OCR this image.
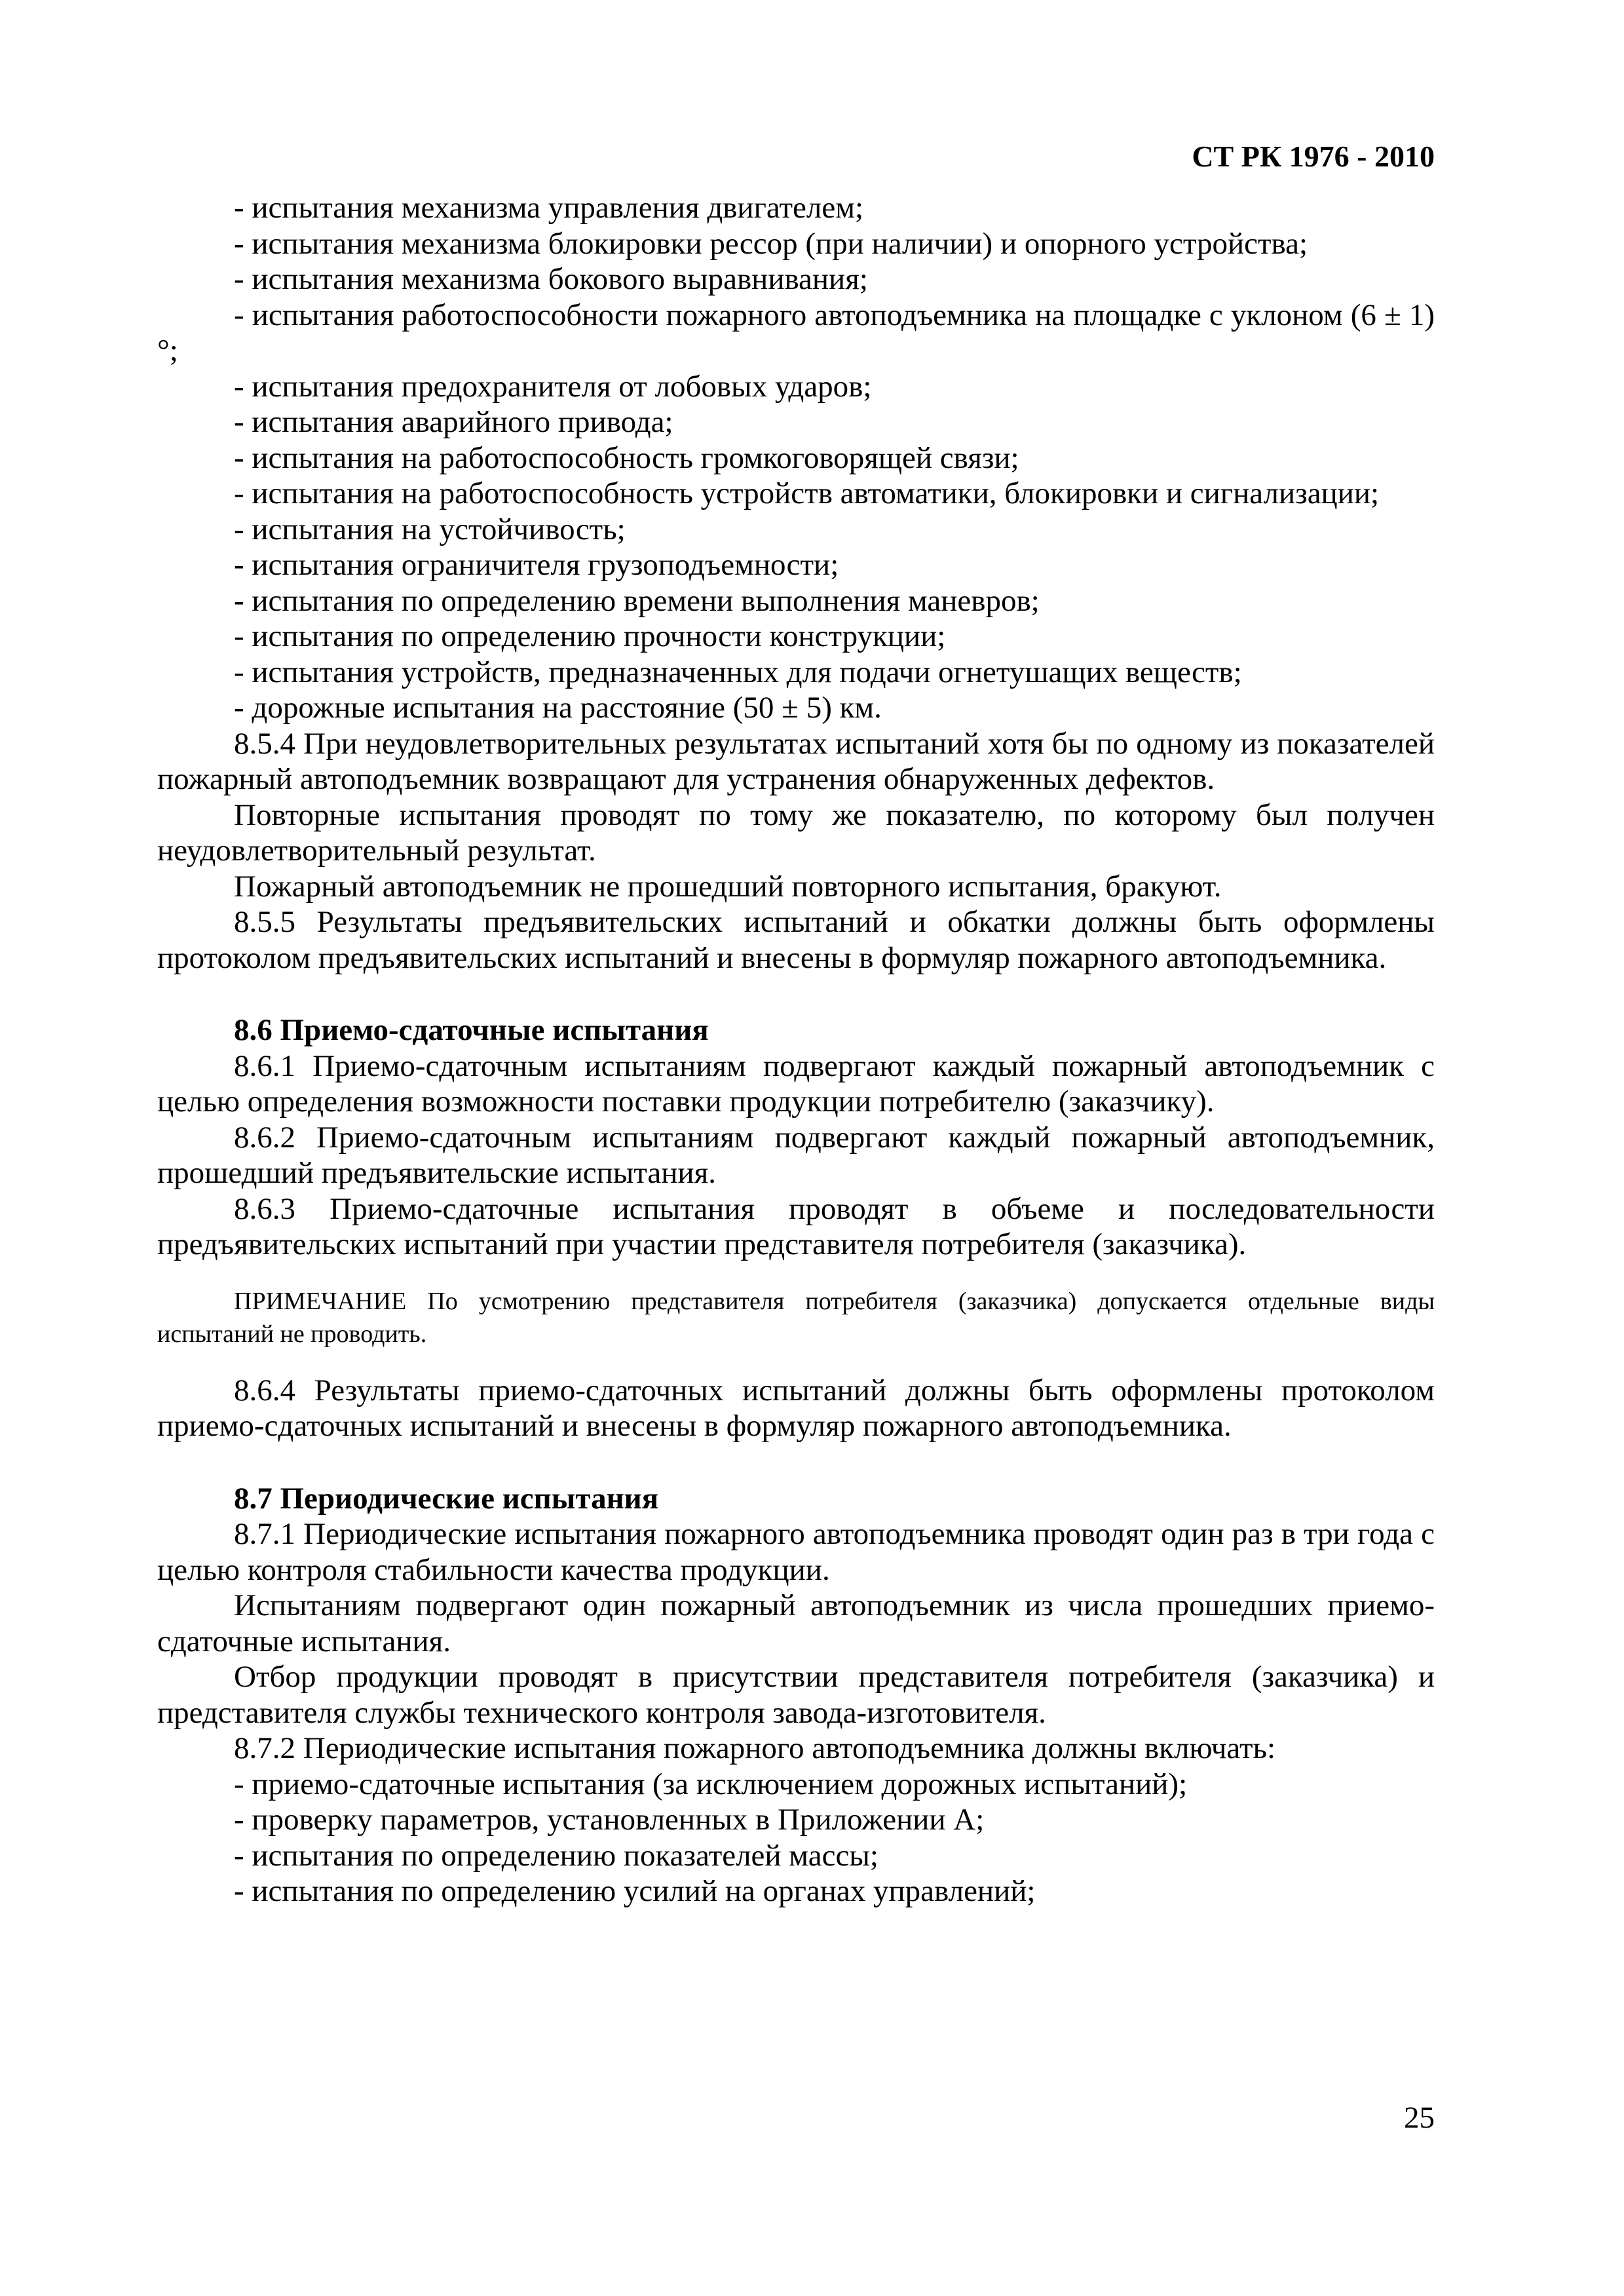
СТ РК 1976 - 2010

- испытания механизма управления двигателем;

- испытания механизма блокировки рессор (при наличии) и опорного устройства;

- испытания механизма бокового выравнивания;

- испытания работоспособности пожарного автоподъемника на площадке с уклоном (6 ± 1) °;

- испытания предохранителя от лобовых ударов;

- испытания аварийного привода;

- испытания на работоспособность громкоговорящей связи;

- испытания на работоспособность устройств автоматики, блокировки и сигнализации;

- испытания на устойчивость;

- испытания ограничителя грузоподъемности;

- испытания по определению времени выполнения маневров;

- испытания по определению прочности конструкции;

- испытания устройств, предназначенных для подачи огнетушащих веществ;

- дорожные испытания на расстояние (50 ± 5) км.

8.5.4 При неудовлетворительных результатах испытаний хотя бы по одному из показателей пожарный автоподъемник возвращают для устранения обнаруженных дефектов.

Повторные испытания проводят по тому же показателю, по которому был получен неудовлетворительный результат.

Пожарный автоподъемник не прошедший повторного испытания, бракуют.

8.5.5 Результаты предъявительских испытаний и обкатки должны быть оформлены протоколом предъявительских испытаний и внесены в формуляр пожарного автоподъемника.

8.6 Приемо-сдаточные испытания

8.6.1 Приемо-сдаточным испытаниям подвергают каждый пожарный автоподъемник с целью определения возможности поставки продукции потребителю (заказчику).

8.6.2 Приемо-сдаточным испытаниям подвергают каждый пожарный автоподъемник, прошедший предъявительские испытания.

8.6.3 Приемо-сдаточные испытания проводят в объеме и последовательности предъявительских испытаний при участии представителя потребителя (заказчика).

ПРИМЕЧАНИЕ По усмотрению представителя потребителя (заказчика) допускается отдельные виды испытаний не проводить.

8.6.4 Результаты приемо-сдаточных испытаний должны быть оформлены протоколом приемо-сдаточных испытаний и внесены в формуляр пожарного автоподъемника.

8.7 Периодические испытания

8.7.1 Периодические испытания пожарного автоподъемника проводят один раз в три года с целью контроля стабильности качества продукции.

Испытаниям подвергают один пожарный автоподъемник из числа прошедших приемо-сдаточные испытания.

Отбор продукции проводят в присутствии представителя потребителя (заказчика) и представителя службы технического контроля завода-изготовителя.

8.7.2 Периодические испытания пожарного автоподъемника должны включать:

- приемо-сдаточные испытания (за исключением дорожных испытаний);

- проверку параметров, установленных в Приложении А;

- испытания по определению показателей массы;

- испытания по определению усилий на органах управлений;

25
